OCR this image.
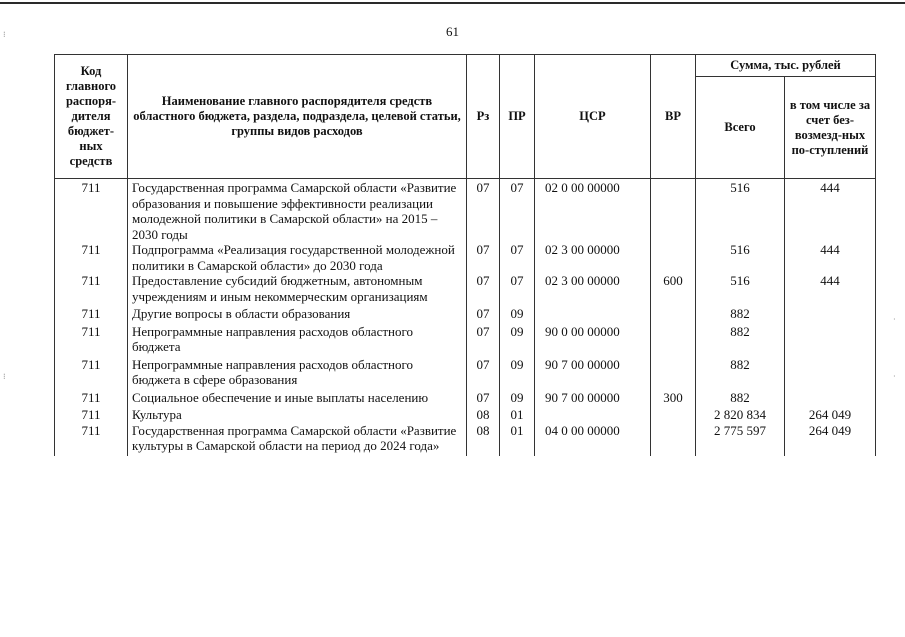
61
⁝
⁝
·
·
Код главного распоря-дителя бюджет-ных средств	Наименование главного распорядителя средств областного бюджета, раздела, подраздела, целевой статьи, группы видов расходов	Рз	ПР	ЦСР	ВР	Сумма, тыс. рублей	
						Всего	в том числе за счет без-возмезд-ных по-ступлений
711	Государственная программа Самарской области «Развитие образования и повышение эффективности реализации молодежной политики в Самарской области» на 2015 – 2030 годы	07	07	02 0 00 00000		516	444
711	Подпрограмма «Реализация государственной молодежной политики в Самарской области» до 2030 года	07	07	02 3 00 00000		516	444
711	Предоставление субсидий бюджетным, автономным учреждениям и иным некоммерческим организациям	07	07	02 3 00 00000	600	516	444
711	Другие вопросы в области образования	07	09			882	
711	Непрограммные направления расходов областного бюджета	07	09	90 0 00 00000		882	
711	Непрограммные направления расходов областного бюджета в сфере образования	07	09	90 7 00 00000		882	
711	Социальное обеспечение и иные выплаты населению	07	09	90 7 00 00000	300	882	
711	Культура	08	01			2 820 834	264 049
711	Государственная программа Самарской области «Развитие культуры в Самарской области на период до 2024 года»	08	01	04 0 00 00000		2 775 597	264 049
